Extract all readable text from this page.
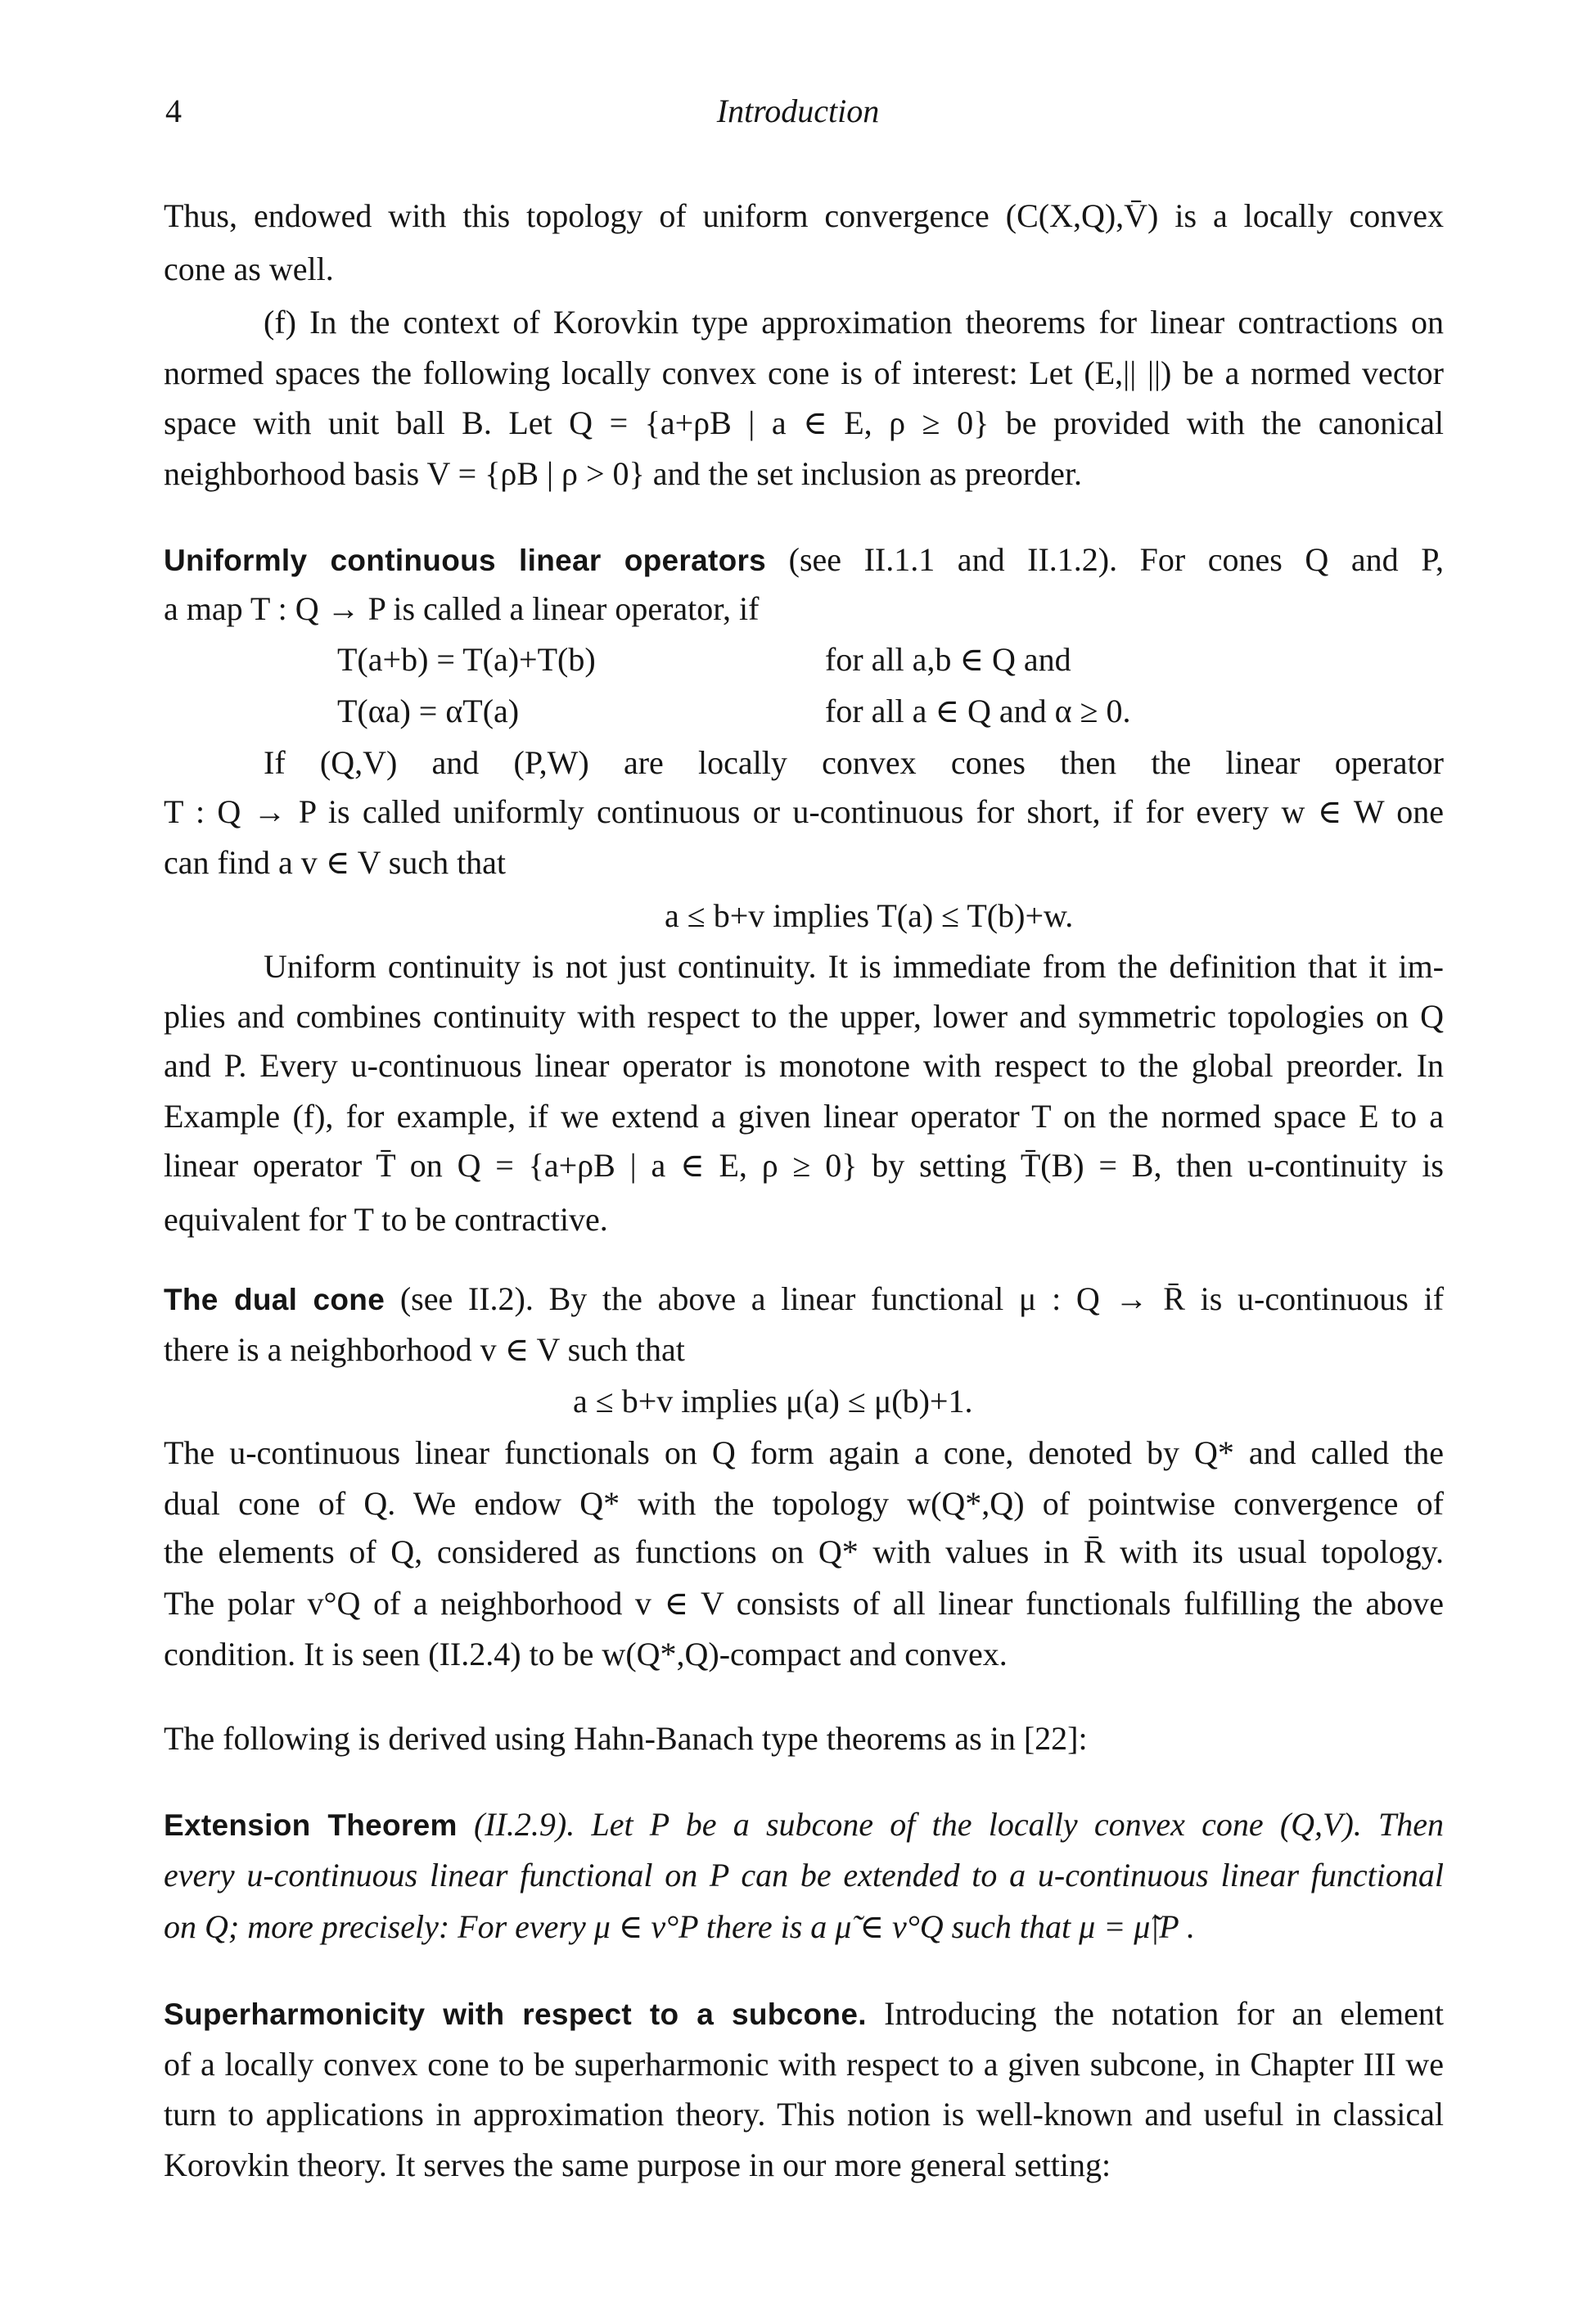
4	Introduction
Thus, endowed with this topology of uniform convergence (C(X,Q),V̄) is a locally convex
cone as well.
(f) In the context of Korovkin type approximation theorems for linear contractions on
normed spaces the following locally convex cone is of interest: Let (E,|| ||) be a normed vector
space with unit ball B. Let Q = {a+ρB | a ∈ E, ρ ≥ 0} be provided with the canonical
neighborhood basis V = {ρB | ρ > 0} and the set inclusion as preorder.
Uniformly continuous linear operators (see II.1.1 and II.1.2). For cones Q and P,
a map T : Q → P is called a linear operator, if
T(a+b) = T(a)+T(b)	for all a,b ∈ Q and
T(αa) = αT(a)	for all a ∈ Q and α ≥ 0.
If (Q,V) and (P,W) are locally convex cones then the linear operator
T : Q → P is called uniformly continuous or u-continuous for short, if for every w ∈ W one
can find a v ∈ V such that
a ≤ b+v implies T(a) ≤ T(b)+w.
Uniform continuity is not just continuity. It is immediate from the definition that it im-
plies and combines continuity with respect to the upper, lower and symmetric topologies on Q
and P. Every u-continuous linear operator is monotone with respect to the global preorder. In
Example (f), for example, if we extend a given linear operator T on the normed space E to a
linear operator T̄ on Q = {a+ρB | a ∈ E, ρ ≥ 0} by setting T̄(B) = B, then u-continuity is
equivalent for T to be contractive.
The dual cone (see II.2). By the above a linear functional μ : Q → R̄ is u-continuous if
there is a neighborhood v ∈ V such that
a ≤ b+v implies μ(a) ≤ μ(b)+1.
The u-continuous linear functionals on Q form again a cone, denoted by Q* and called the
dual cone of Q. We endow Q* with the topology w(Q*,Q) of pointwise convergence of
the elements of Q, considered as functions on Q* with values in R̄ with its usual topology.
The polar v°Q of a neighborhood v ∈ V consists of all linear functionals fulfilling the above
condition. It is seen (II.2.4) to be w(Q*,Q)-compact and convex.
The following is derived using Hahn-Banach type theorems as in [22]:
Extension Theorem (II.2.9). Let P be a subcone of the locally convex cone (Q,V). Then
every u-continuous linear functional on P can be extended to a u-continuous linear functional
on Q; more precisely: For every μ ∈ v°P there is a μ̃ ∈ v°Q such that μ = μ̃|P .
Superharmonicity with respect to a subcone. Introducing the notation for an element
of a locally convex cone to be superharmonic with respect to a given subcone, in Chapter III we
turn to applications in approximation theory. This notion is well-known and useful in classical
Korovkin theory. It serves the same purpose in our more general setting:
